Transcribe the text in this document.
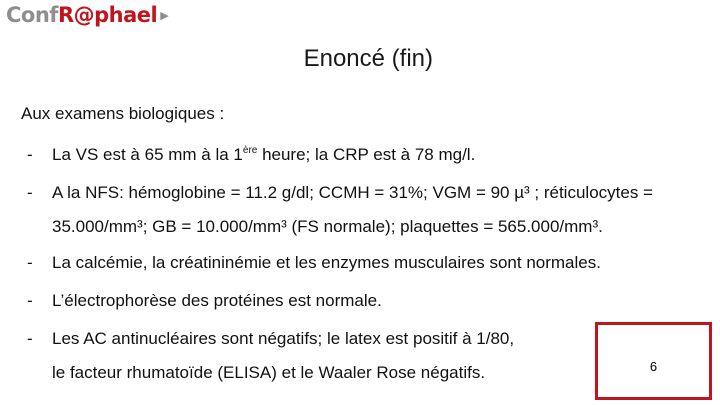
Conf R@phael ▶
Enoncé (fin)
Aux examens biologiques :
- La VS est à 65 mm à la 1ère heure; la CRP est à 78 mg/l.
- A la NFS: hémoglobine = 11.2 g/dl; CCMH = 31%; VGM = 90 µ³ ; réticulocytes =
35.000/mm³; GB = 10.000/mm³ (FS normale); plaquettes = 565.000/mm³.
- La calcémie, la créatininémie et les enzymes musculaires sont normales.
- L’électrophorèse des protéines est normale.
- Les AC antinucléaires sont négatifs; le latex est positif à 1/80,
le facteur rhumatoïde (ELISA) et le Waaler Rose négatifs.	6
